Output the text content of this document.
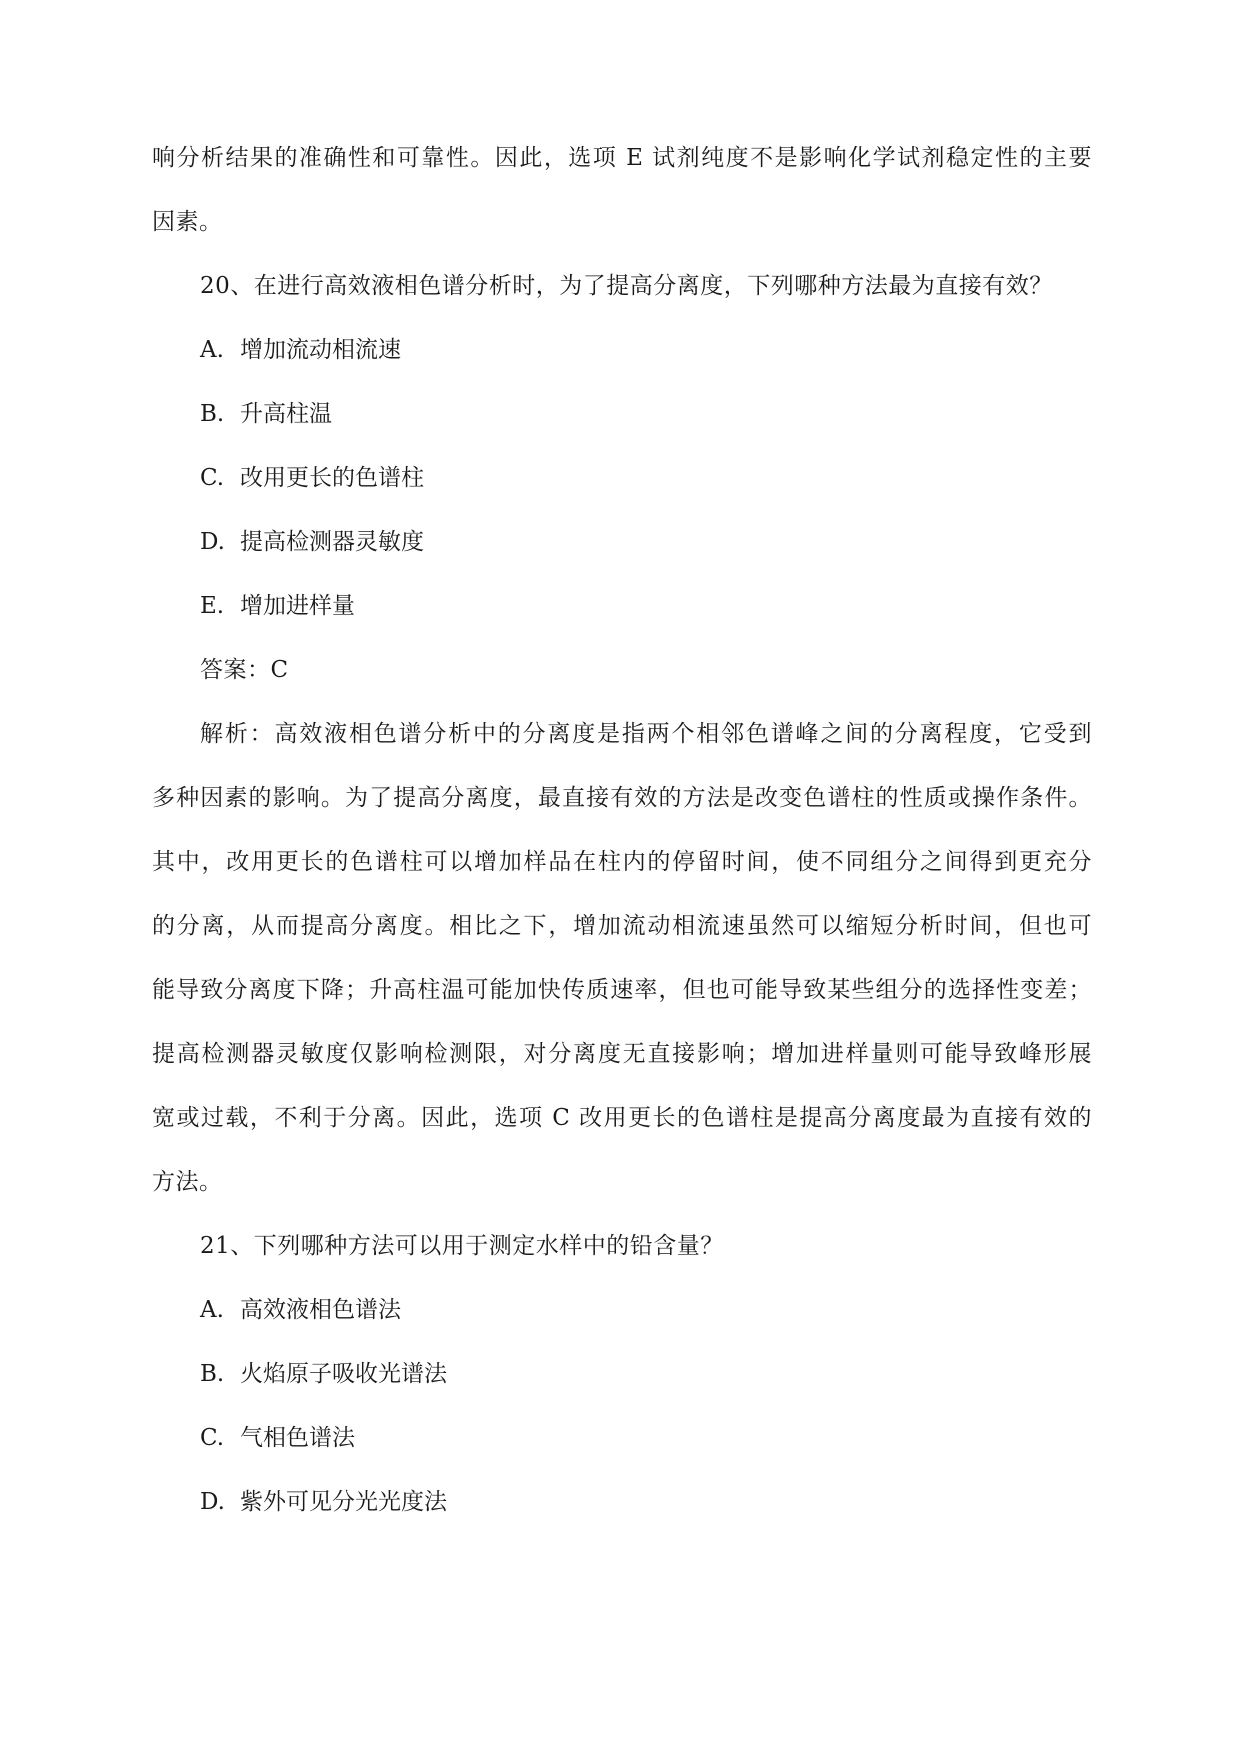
响分析结果的准确性和可靠性。因此，选项 E 试剂纯度不是影响化学试剂稳定性的主要
因素。
20、在进行高效液相色谱分析时，为了提高分离度，下列哪种方法最为直接有效？
A. 增加流动相流速
B. 升高柱温
C. 改用更长的色谱柱
D. 提高检测器灵敏度
E. 增加进样量
答案：C
解析：高效液相色谱分析中的分离度是指两个相邻色谱峰之间的分离程度，它受到
多种因素的影响。为了提高分离度，最直接有效的方法是改变色谱柱的性质或操作条件。
其中，改用更长的色谱柱可以增加样品在柱内的停留时间，使不同组分之间得到更充分
的分离，从而提高分离度。相比之下，增加流动相流速虽然可以缩短分析时间，但也可
能导致分离度下降；升高柱温可能加快传质速率，但也可能导致某些组分的选择性变差；
提高检测器灵敏度仅影响检测限，对分离度无直接影响；增加进样量则可能导致峰形展
宽或过载，不利于分离。因此，选项 C 改用更长的色谱柱是提高分离度最为直接有效的
方法。
21、下列哪种方法可以用于测定水样中的铅含量？
A. 高效液相色谱法
B. 火焰原子吸收光谱法
C. 气相色谱法
D. 紫外可见分光光度法
